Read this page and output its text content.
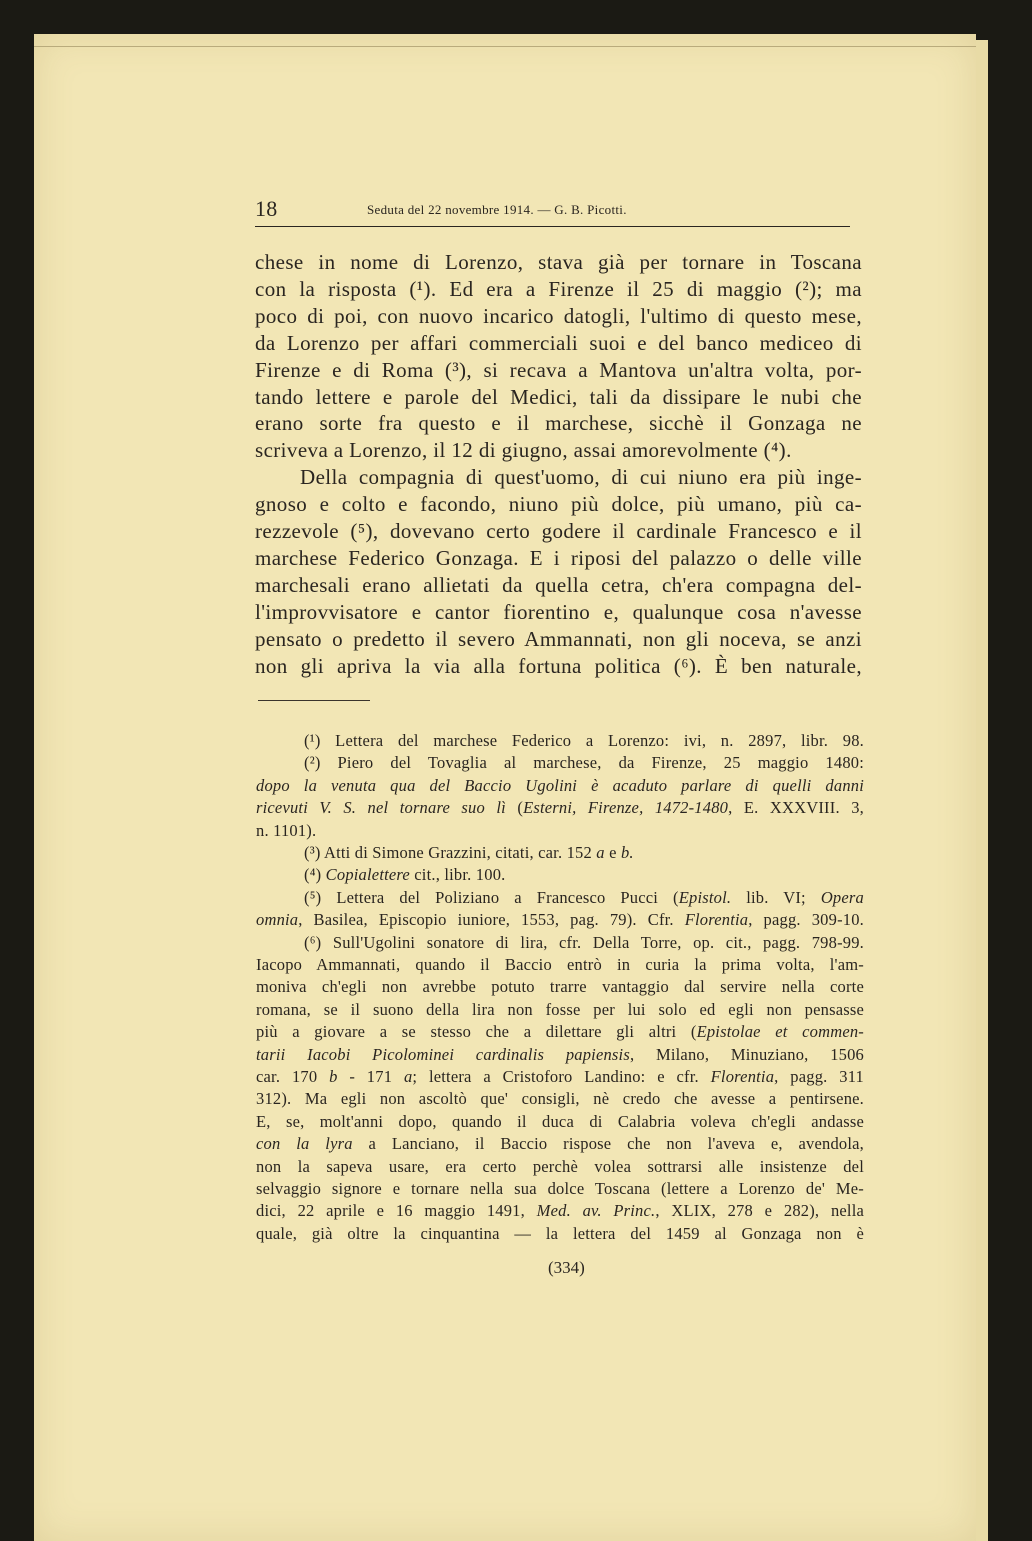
18	Seduta del 22 novembre 1914. — G. B. Picotti.
chese in nome di Lorenzo, stava già per tornare in Toscana
con la risposta (¹). Ed era a Firenze il 25 di maggio (²); ma
poco di poi, con nuovo incarico datogli, l'ultimo di questo mese,
da Lorenzo per affari commerciali suoi e del banco mediceo di
Firenze e di Roma (³), si recava a Mantova un'altra volta, por-
tando lettere e parole del Medici, tali da dissipare le nubi che
erano sorte fra questo e il marchese, sicchè il Gonzaga ne
scriveva a Lorenzo, il 12 di giugno, assai amorevolmente (⁴).
Della compagnia di quest'uomo, di cui niuno era più inge-
gnoso e colto e facondo, niuno più dolce, più umano, più ca-
rezzevole (⁵), dovevano certo godere il cardinale Francesco e il
marchese Federico Gonzaga. E i riposi del palazzo o delle ville
marchesali erano allietati da quella cetra, ch'era compagna del-
l'improvvisatore e cantor fiorentino e, qualunque cosa n'avesse
pensato o predetto il severo Ammannati, non gli noceva, se anzi
non gli apriva la via alla fortuna politica (⁶). È ben naturale,
(¹) Lettera del marchese Federico a Lorenzo: ivi, n. 2897, libr. 98.
(²) Piero del Tovaglia al marchese, da Firenze, 25 maggio 1480:
dopo la venuta qua del Baccio Ugolini è acaduto parlare di quelli danni
ricevuti V. S. nel tornare suo lì (Esterni, Firenze, 1472-1480, E. XXXVIII. 3,
n. 1101).
(³) Atti di Simone Grazzini, citati, car. 152 a e b.
(⁴) Copialettere cit., libr. 100.
(⁵) Lettera del Poliziano a Francesco Pucci (Epistol. lib. VI; Opera
omnia, Basilea, Episcopio iuniore, 1553, pag. 79). Cfr. Florentia, pagg. 309-10.
(⁶) Sull'Ugolini sonatore di lira, cfr. Della Torre, op. cit., pagg. 798-99.
Iacopo Ammannati, quando il Baccio entrò in curia la prima volta, l'am-
moniva ch'egli non avrebbe potuto trarre vantaggio dal servire nella corte
romana, se il suono della lira non fosse per lui solo ed egli non pensasse
più a giovare a se stesso che a dilettare gli altri (Epistolae et commen-
tarii Iacobi Picolominei cardinalis papiensis, Milano, Minuziano, 1506
car. 170 b - 171 a; lettera a Cristoforo Landino: e cfr. Florentia, pagg. 311
312). Ma egli non ascoltò que' consigli, nè credo che avesse a pentirsene.
E, se, molt'anni dopo, quando il duca di Calabria voleva ch'egli andasse
con la lyra a Lanciano, il Baccio rispose che non l'aveva e, avendola,
non la sapeva usare, era certo perchè volea sottrarsi alle insistenze del
selvaggio signore e tornare nella sua dolce Toscana (lettere a Lorenzo de' Me-
dici, 22 aprile e 16 maggio 1491, Med. av. Princ., XLIX, 278 e 282), nella
quale, già oltre la cinquantina — la lettera del 1459 al Gonzaga non è
(334)
